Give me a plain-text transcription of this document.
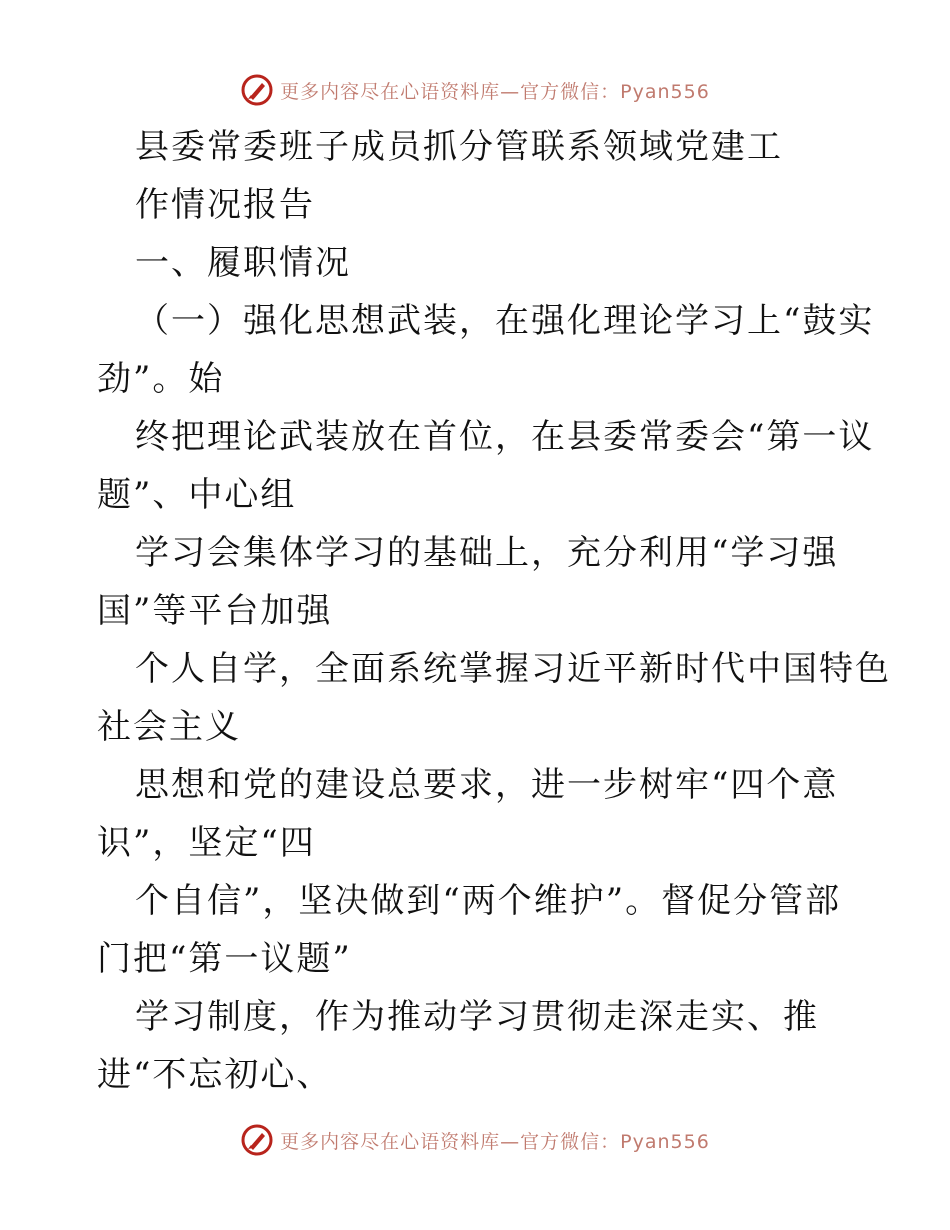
更多内容尽在心语资料库—官方微信：Pyan556
县委常委班子成员抓分管联系领域党建工
作情况报告
一、履职情况
（一）强化思想武装，在强化理论学习上“鼓实
劲”。始
终把理论武装放在首位，在县委常委会“第一议
题”、中心组
学习会集体学习的基础上，充分利用“学习强
国”等平台加强
个人自学，全面系统掌握习近平新时代中国特色
社会主义
思想和党的建设总要求，进一步树牢“四个意
识”，坚定“四
个自信”，坚决做到“两个维护”。督促分管部
门把“第一议题”
学习制度，作为推动学习贯彻走深走实、推
进“不忘初心、
更多内容尽在心语资料库—官方微信：Pyan556
